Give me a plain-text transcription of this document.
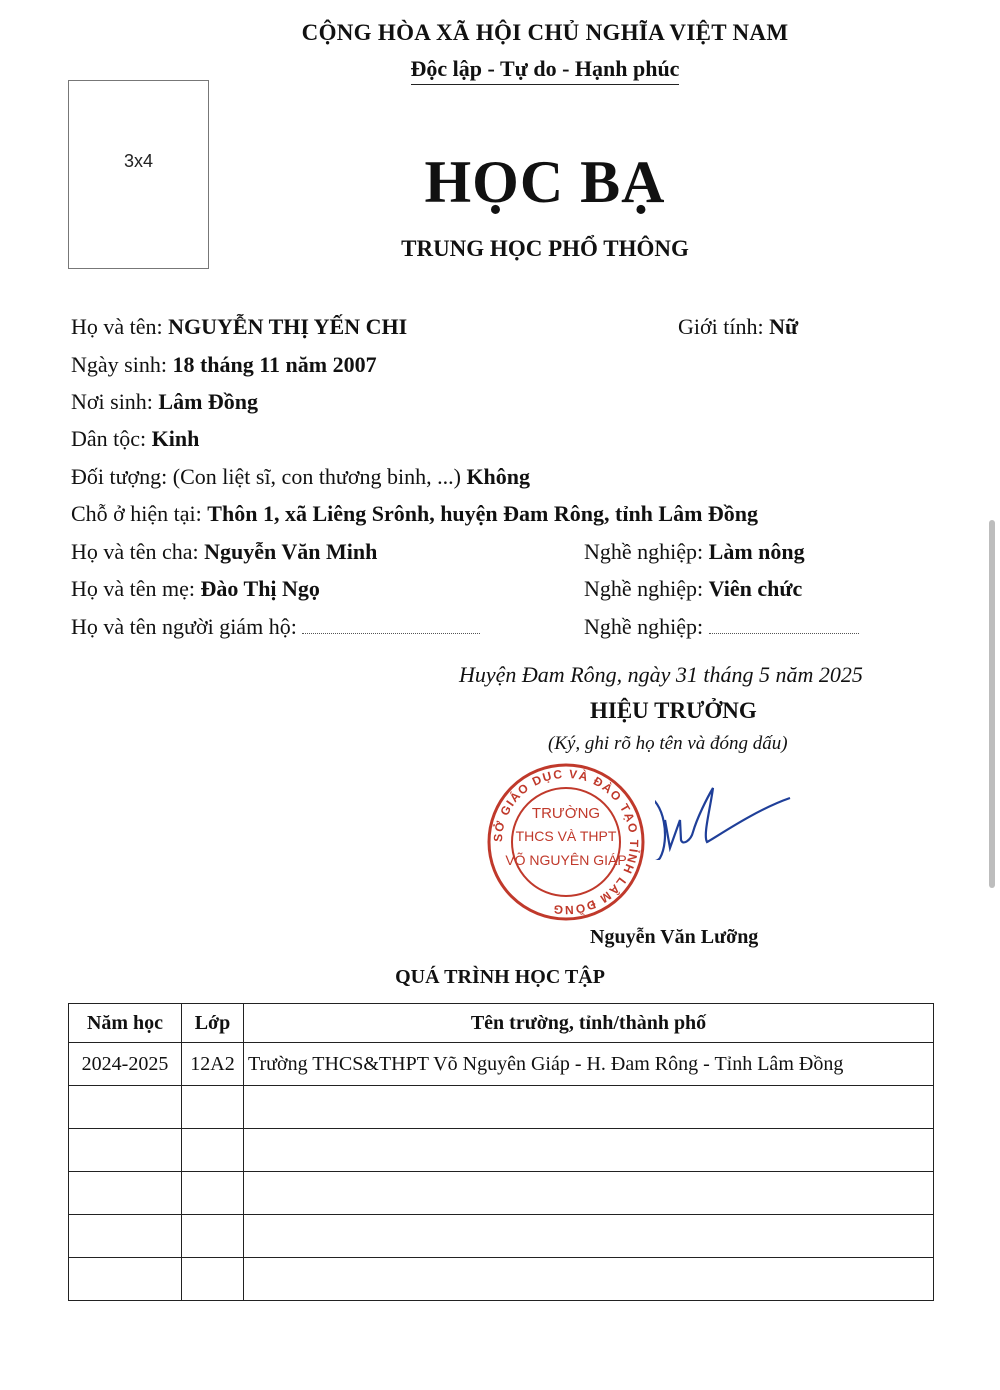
CỘNG HÒA XÃ HỘI CHỦ NGHĨA VIỆT NAM
Độc lập - Tự do - Hạnh phúc
3x4	HỌC BẠ
TRUNG HỌC PHỔ THÔNG
Họ và tên: NGUYỄN THỊ YẾN CHI	Giới tính: Nữ
Ngày sinh: 18 tháng 11 năm 2007
Nơi sinh: Lâm Đồng
Dân tộc: Kinh
Đối tượng: (Con liệt sĩ, con thương binh, ...) Không
Chỗ ở hiện tại: Thôn 1, xã Liêng Srônh, huyện Đam Rông, tỉnh Lâm Đồng
Họ và tên cha: Nguyễn Văn Minh	Nghề nghiệp: Làm nông
Họ và tên mẹ: Đào Thị Ngọ	Nghề nghiệp: Viên chức
Họ và tên người giám hộ:	Nghề nghiệp:
Huyện Đam Rông, ngày 31 tháng 5 năm 2025
HIỆU TRƯỞNG
(Ký, ghi rõ họ tên và đóng dấu)
SỞ GIÁO DỤC VÀ ĐÀO TẠO TỈNH LÂM ĐỒNG
TRƯỜNG
THCS VÀ THPT
VÕ NGUYÊN GIÁP
Nguyễn Văn Lưỡng
QUÁ TRÌNH HỌC TẬP
Năm học	Lớp	Tên trường, tỉnh/thành phố
2024-2025	12A2	Trường THCS&THPT Võ Nguyên Giáp - H. Đam Rông - Tỉnh Lâm Đồng
